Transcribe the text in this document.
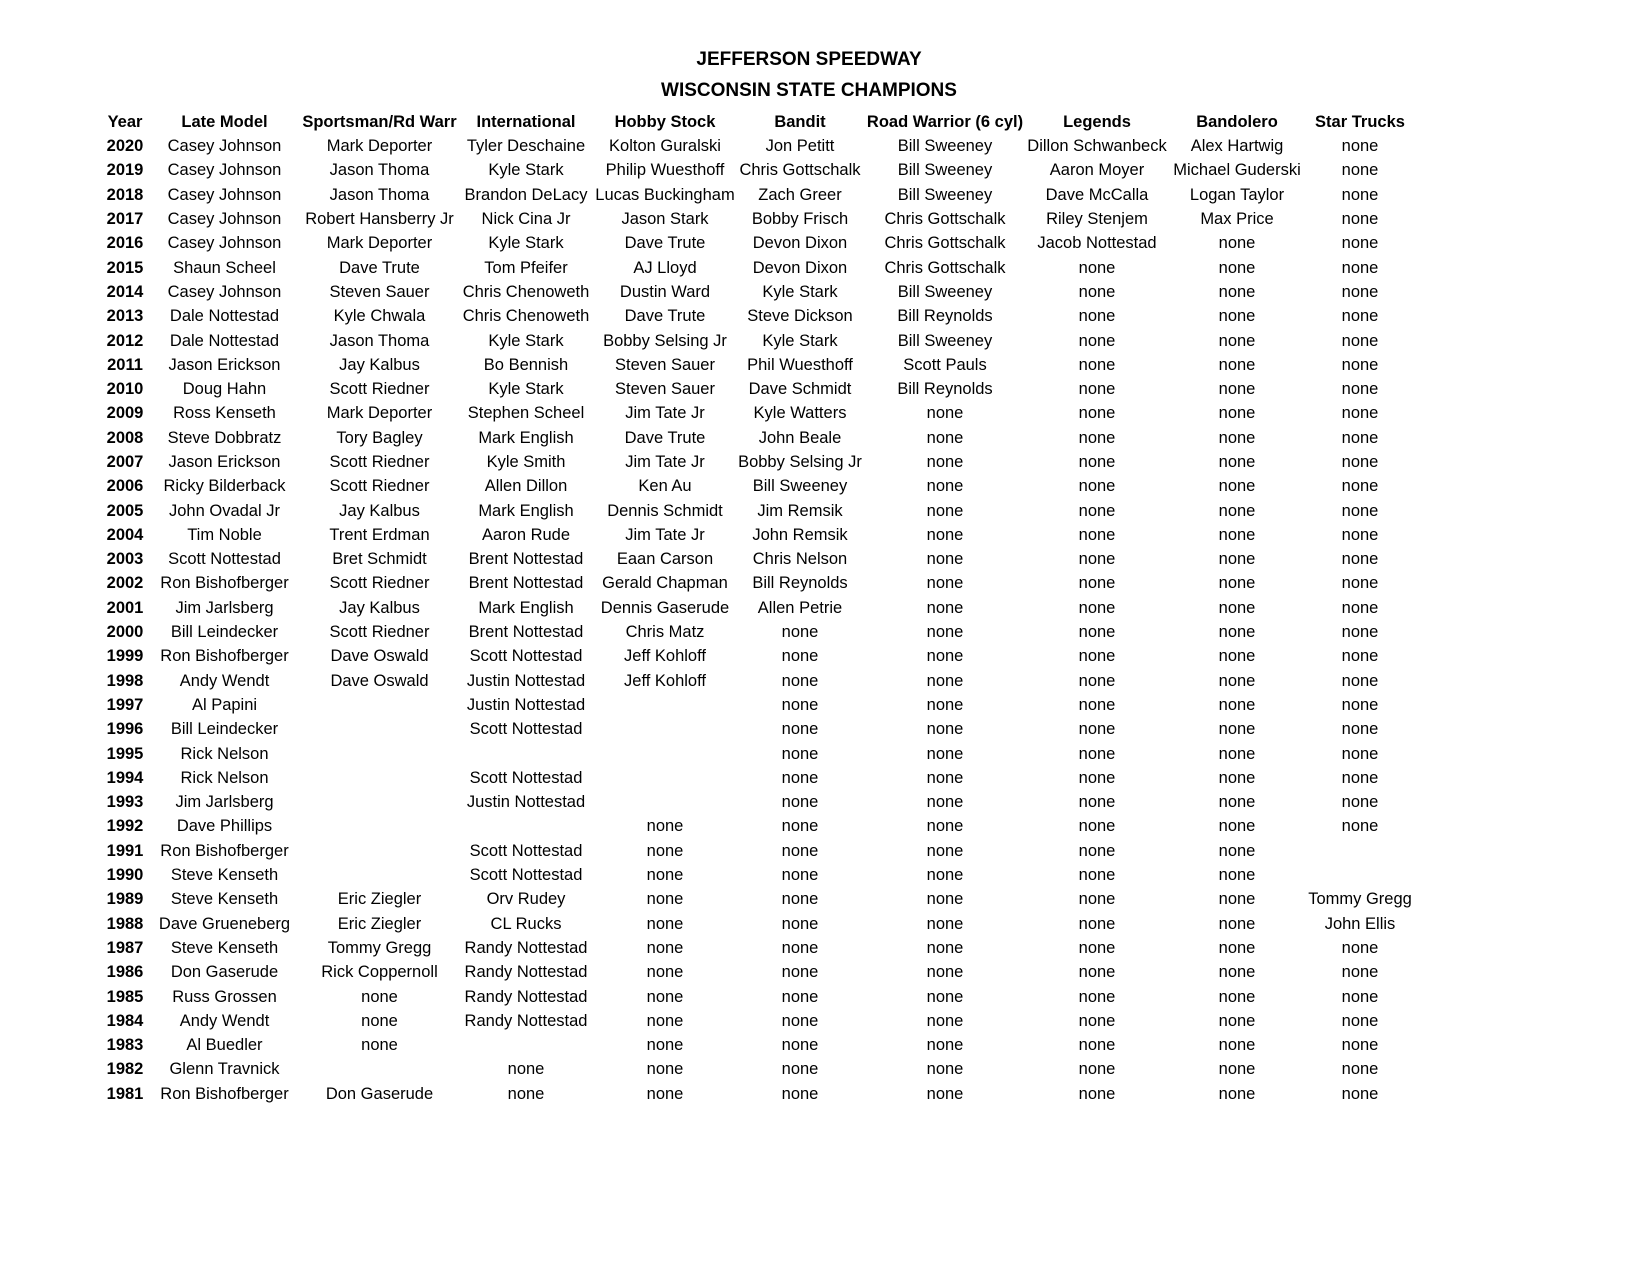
JEFFERSON SPEEDWAY
WISCONSIN STATE CHAMPIONS
Year	Late Model	Sportsman/Rd Warr	International	Hobby Stock	Bandit	Road Warrior (6 cyl)	Legends	Bandolero	Star Trucks
2020	Casey Johnson	Mark Deporter	Tyler Deschaine	Kolton Guralski	Jon Petitt	Bill Sweeney	Dillon Schwanbeck	Alex Hartwig	none
2019	Casey Johnson	Jason Thoma	Kyle Stark	Philip Wuesthoff	Chris Gottschalk	Bill Sweeney	Aaron Moyer	Michael Guderski	none
2018	Casey Johnson	Jason Thoma	Brandon DeLacy	Lucas Buckingham	Zach Greer	Bill Sweeney	Dave McCalla	Logan Taylor	none
2017	Casey Johnson	Robert Hansberry Jr	Nick Cina Jr	Jason Stark	Bobby Frisch	Chris Gottschalk	Riley Stenjem	Max Price	none
2016	Casey Johnson	Mark Deporter	Kyle Stark	Dave Trute	Devon Dixon	Chris Gottschalk	Jacob Nottestad	none	none
2015	Shaun Scheel	Dave Trute	Tom Pfeifer	AJ Lloyd	Devon Dixon	Chris Gottschalk	none	none	none
2014	Casey Johnson	Steven Sauer	Chris Chenoweth	Dustin Ward	Kyle Stark	Bill Sweeney	none	none	none
2013	Dale Nottestad	Kyle Chwala	Chris Chenoweth	Dave Trute	Steve Dickson	Bill Reynolds	none	none	none
2012	Dale Nottestad	Jason Thoma	Kyle Stark	Bobby Selsing Jr	Kyle Stark	Bill Sweeney	none	none	none
2011	Jason Erickson	Jay Kalbus	Bo Bennish	Steven Sauer	Phil Wuesthoff	Scott Pauls	none	none	none
2010	Doug Hahn	Scott Riedner	Kyle Stark	Steven Sauer	Dave Schmidt	Bill Reynolds	none	none	none
2009	Ross Kenseth	Mark Deporter	Stephen Scheel	Jim Tate Jr	Kyle Watters	none	none	none	none
2008	Steve Dobbratz	Tory Bagley	Mark English	Dave Trute	John Beale	none	none	none	none
2007	Jason Erickson	Scott Riedner	Kyle Smith	Jim Tate Jr	Bobby Selsing Jr	none	none	none	none
2006	Ricky Bilderback	Scott Riedner	Allen Dillon	Ken Au	Bill Sweeney	none	none	none	none
2005	John Ovadal Jr	Jay Kalbus	Mark English	Dennis Schmidt	Jim Remsik	none	none	none	none
2004	Tim Noble	Trent Erdman	Aaron Rude	Jim Tate Jr	John Remsik	none	none	none	none
2003	Scott Nottestad	Bret Schmidt	Brent Nottestad	Eaan Carson	Chris Nelson	none	none	none	none
2002	Ron Bishofberger	Scott Riedner	Brent Nottestad	Gerald Chapman	Bill Reynolds	none	none	none	none
2001	Jim Jarlsberg	Jay Kalbus	Mark English	Dennis Gaserude	Allen Petrie	none	none	none	none
2000	Bill Leindecker	Scott Riedner	Brent Nottestad	Chris Matz	none	none	none	none	none
1999	Ron Bishofberger	Dave Oswald	Scott Nottestad	Jeff Kohloff	none	none	none	none	none
1998	Andy Wendt	Dave Oswald	Justin Nottestad	Jeff Kohloff	none	none	none	none	none
1997	Al Papini		Justin Nottestad		none	none	none	none	none
1996	Bill Leindecker		Scott Nottestad		none	none	none	none	none
1995	Rick Nelson				none	none	none	none	none
1994	Rick Nelson		Scott Nottestad		none	none	none	none	none
1993	Jim Jarlsberg		Justin Nottestad		none	none	none	none	none
1992	Dave Phillips			none	none	none	none	none	none
1991	Ron Bishofberger		Scott Nottestad	none	none	none	none	none	
1990	Steve Kenseth		Scott Nottestad	none	none	none	none	none	
1989	Steve Kenseth	Eric Ziegler	Orv Rudey	none	none	none	none	none	Tommy Gregg
1988	Dave Grueneberg	Eric Ziegler	CL Rucks	none	none	none	none	none	John Ellis
1987	Steve Kenseth	Tommy Gregg	Randy Nottestad	none	none	none	none	none	none
1986	Don Gaserude	Rick Coppernoll	Randy Nottestad	none	none	none	none	none	none
1985	Russ Grossen	none	Randy Nottestad	none	none	none	none	none	none
1984	Andy Wendt	none	Randy Nottestad	none	none	none	none	none	none
1983	Al Buedler	none		none	none	none	none	none	none
1982	Glenn Travnick		none	none	none	none	none	none	none
1981	Ron Bishofberger	Don Gaserude	none	none	none	none	none	none	none
